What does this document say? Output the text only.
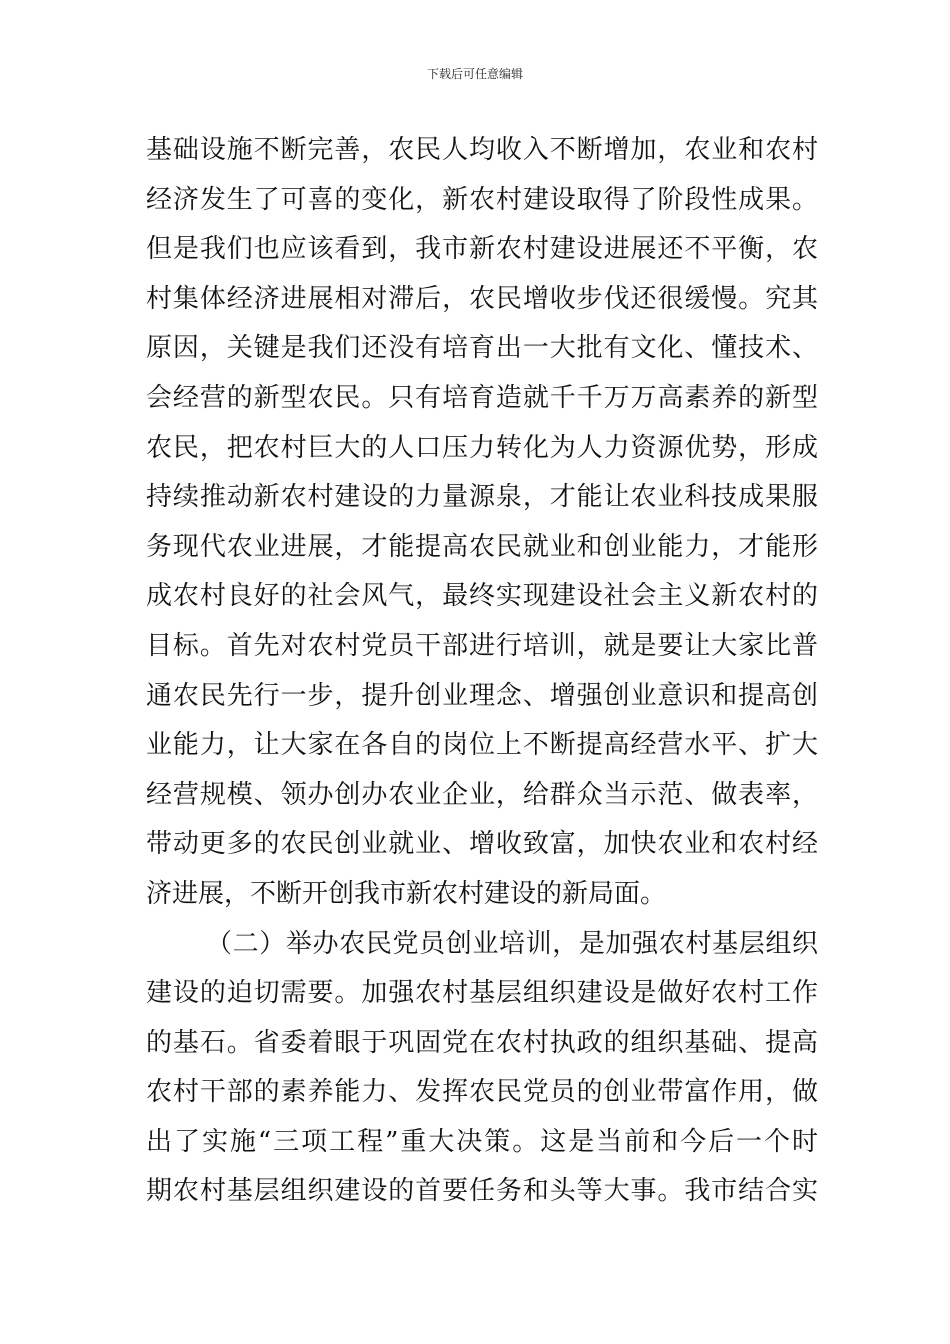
下载后可任意编辑
基础设施不断完善，农民人均收入不断增加，农业和农村
经济发生了可喜的变化，新农村建设取得了阶段性成果。
但是我们也应该看到，我市新农村建设进展还不平衡，农
村集体经济进展相对滞后，农民增收步伐还很缓慢。究其
原因，关键是我们还没有培育出一大批有文化、懂技术、
会经营的新型农民。只有培育造就千千万万高素养的新型
农民，把农村巨大的人口压力转化为人力资源优势，形成
持续推动新农村建设的力量源泉，才能让农业科技成果服
务现代农业进展，才能提高农民就业和创业能力，才能形
成农村良好的社会风气，最终实现建设社会主义新农村的
目标。首先对农村党员干部进行培训，就是要让大家比普
通农民先行一步，提升创业理念、增强创业意识和提高创
业能力，让大家在各自的岗位上不断提高经营水平、扩大
经营规模、领办创办农业企业，给群众当示范、做表率，
带动更多的农民创业就业、增收致富，加快农业和农村经
济进展，不断开创我市新农村建设的新局面。
（二）举办农民党员创业培训，是加强农村基层组织
建设的迫切需要。加强农村基层组织建设是做好农村工作
的基石。省委着眼于巩固党在农村执政的组织基础、提高
农村干部的素养能力、发挥农民党员的创业带富作用，做
出了实施“三项工程”重大决策。这是当前和今后一个时
期农村基层组织建设的首要任务和头等大事。我市结合实
